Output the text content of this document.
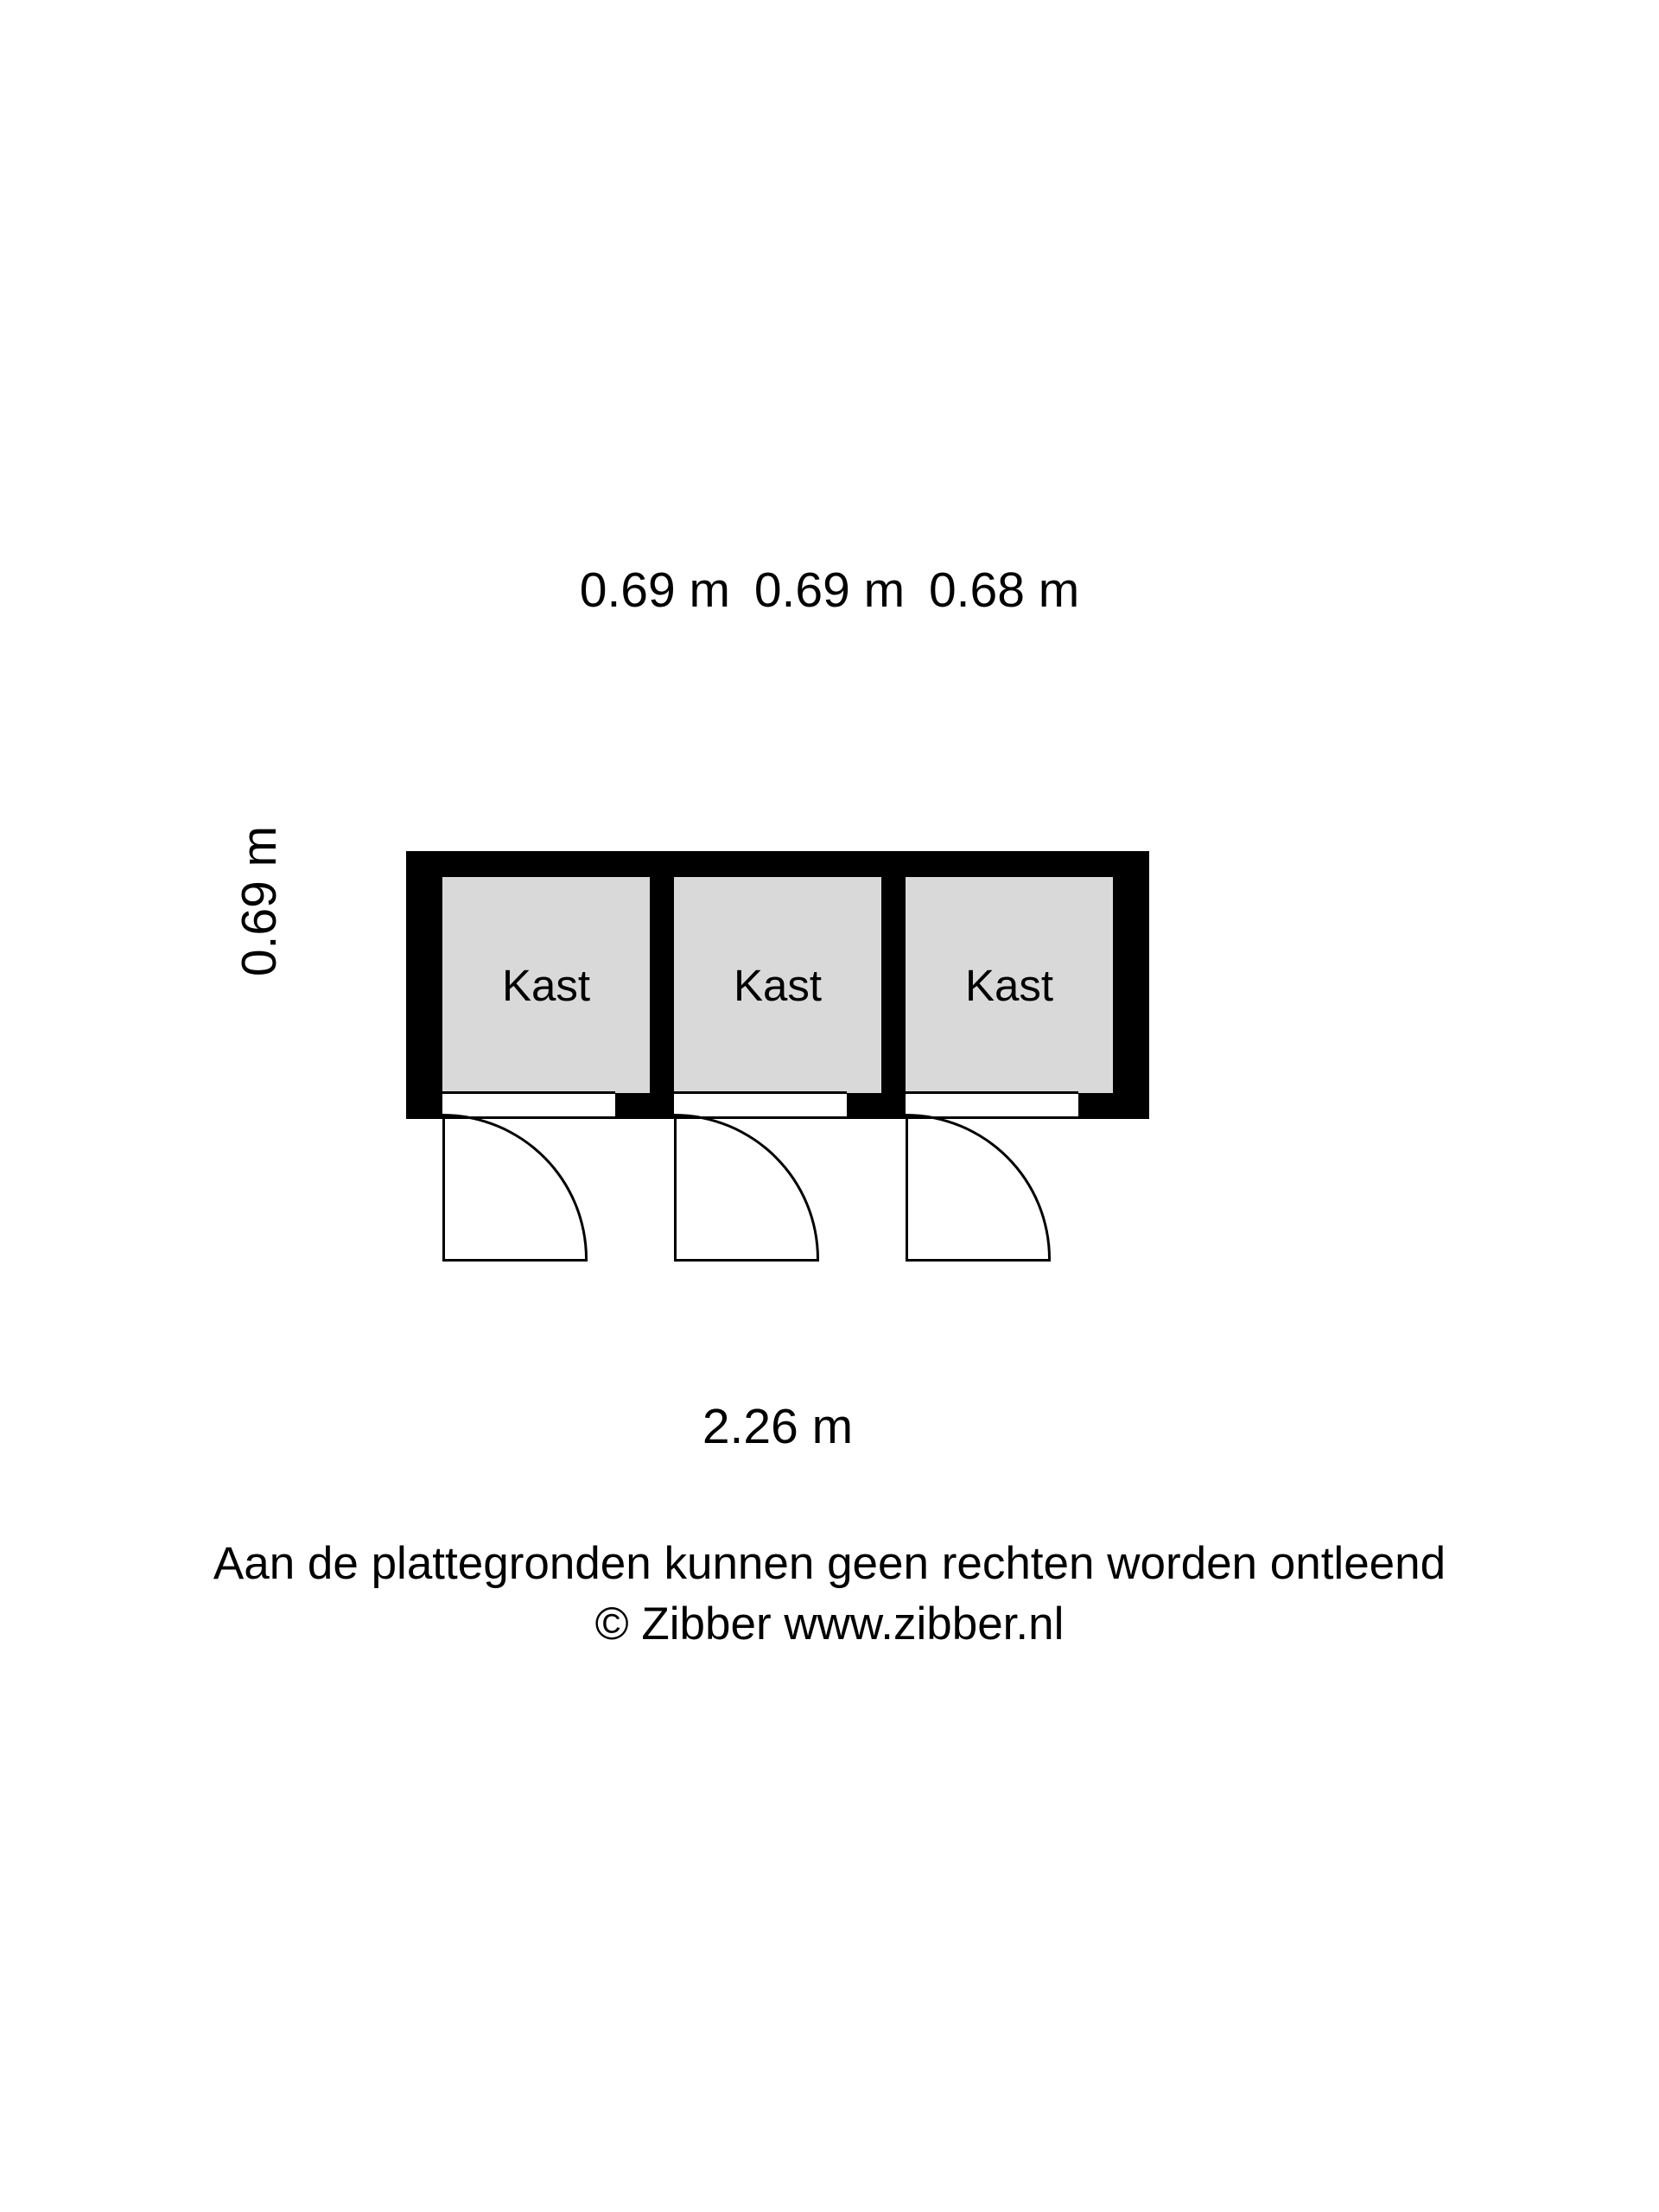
0.69 m 0.69 m 0.68 m
0.69 m
Kast	Kast	Kast
2.26 m
Aan de plattegronden kunnen geen rechten worden ontleend
© Zibber www.zibber.nl
